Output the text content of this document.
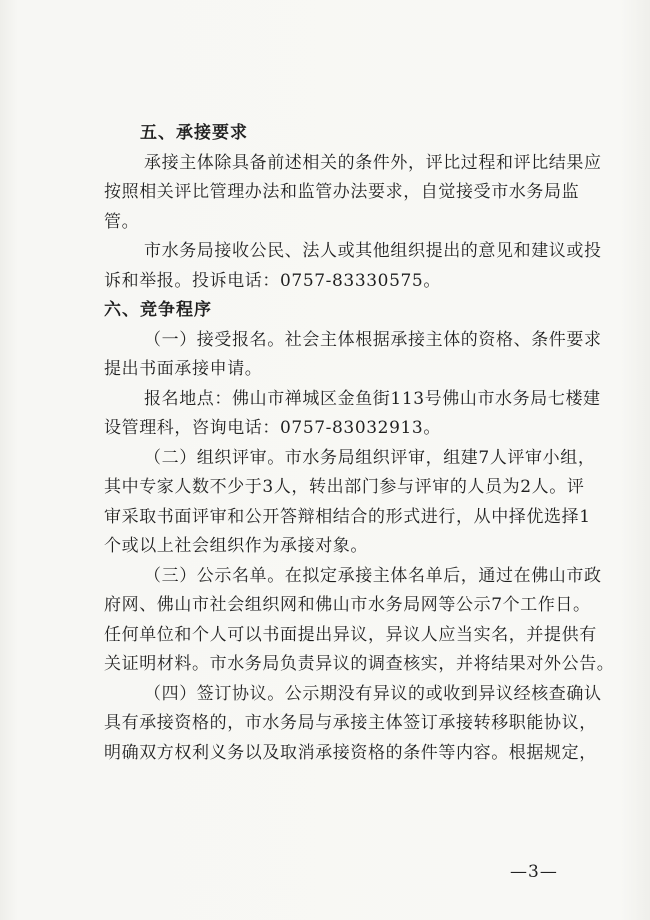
五、承接要求
承接主体除具备前述相关的条件外，评比过程和评比结果应
按照相关评比管理办法和监管办法要求，自觉接受市水务局监
管。
市水务局接收公民、法人或其他组织提出的意见和建议或投
诉和举报。投诉电话：0757-83330575。
六、竞争程序
（一）接受报名。社会主体根据承接主体的资格、条件要求
提出书面承接申请。
报名地点：佛山市禅城区金鱼街113号佛山市水务局七楼建
设管理科，咨询电话：0757-83032913。
（二）组织评审。市水务局组织评审，组建7人评审小组，
其中专家人数不少于3人，转出部门参与评审的人员为2人。评
审采取书面评审和公开答辩相结合的形式进行，从中择优选择1
个或以上社会组织作为承接对象。
（三）公示名单。在拟定承接主体名单后，通过在佛山市政
府网、佛山市社会组织网和佛山市水务局网等公示7个工作日。
任何单位和个人可以书面提出异议，异议人应当实名，并提供有
关证明材料。市水务局负责异议的调查核实，并将结果对外公告。
（四）签订协议。公示期没有异议的或收到异议经核查确认
具有承接资格的，市水务局与承接主体签订承接转移职能协议，
明确双方权利义务以及取消承接资格的条件等内容。根据规定，
—3—
